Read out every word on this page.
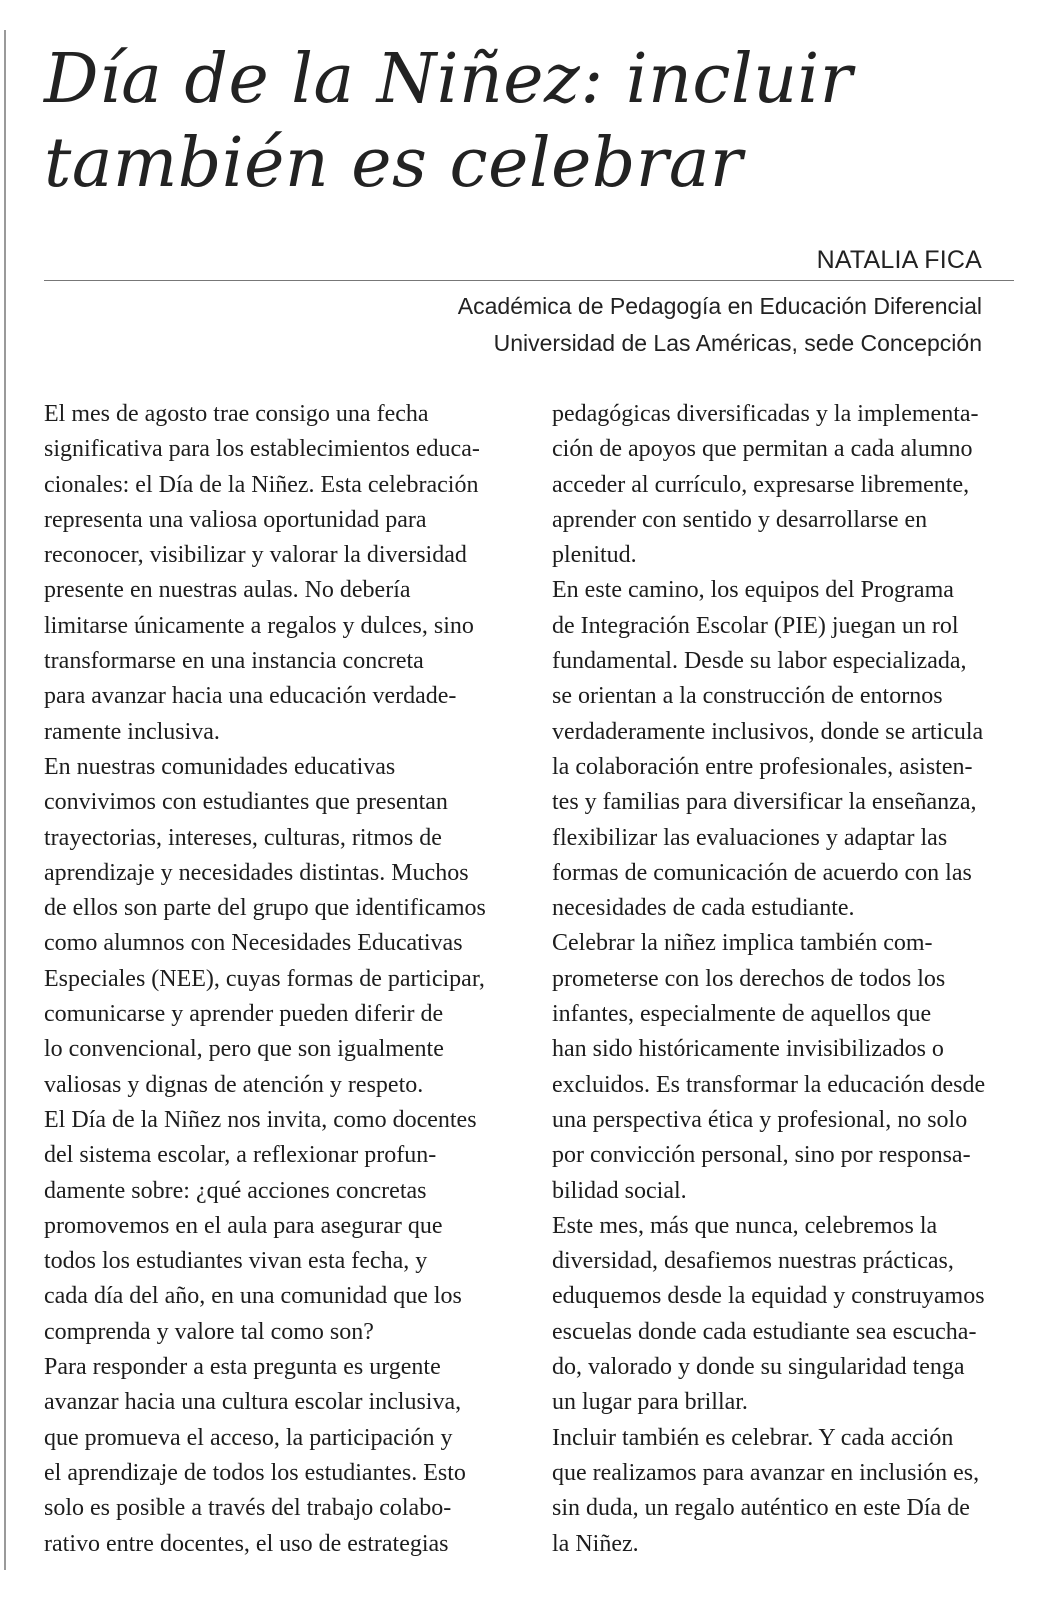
Día de la Niñez: incluir
también es celebrar
NATALIA FICA
Académica de Pedagogía en Educación Diferencial
Universidad de Las Américas, sede Concepción

El mes de agosto trae consigo una fecha

significativa para los establecimientos educa-

cionales: el Día de la Niñez. Esta celebración

representa una valiosa oportunidad para

reconocer, visibilizar y valorar la diversidad

presente en nuestras aulas. No debería

limitarse únicamente a regalos y dulces, sino

transformarse en una instancia concreta

para avanzar hacia una educación verdade-

ramente inclusiva.

En nuestras comunidades educativas

convivimos con estudiantes que presentan

trayectorias, intereses, culturas, ritmos de

aprendizaje y necesidades distintas. Muchos

de ellos son parte del grupo que identificamos

como alumnos con Necesidades Educativas

Especiales (NEE), cuyas formas de participar,

comunicarse y aprender pueden diferir de

lo convencional, pero que son igualmente

valiosas y dignas de atención y respeto.

El Día de la Niñez nos invita, como docentes

del sistema escolar, a reflexionar profun-

damente sobre: ¿qué acciones concretas

promovemos en el aula para asegurar que

todos los estudiantes vivan esta fecha, y

cada día del año, en una comunidad que los

comprenda y valore tal como son?

Para responder a esta pregunta es urgente

avanzar hacia una cultura escolar inclusiva,

que promueva el acceso, la participación y

el aprendizaje de todos los estudiantes. Esto

solo es posible a través del trabajo colabo-

rativo entre docentes, el uso de estrategias

pedagógicas diversificadas y la implementa-

ción de apoyos que permitan a cada alumno

acceder al currículo, expresarse libremente,

aprender con sentido y desarrollarse en

plenitud.

En este camino, los equipos del Programa

de Integración Escolar (PIE) juegan un rol

fundamental. Desde su labor especializada,

se orientan a la construcción de entornos

verdaderamente inclusivos, donde se articula

la colaboración entre profesionales, asisten-

tes y familias para diversificar la enseñanza,

flexibilizar las evaluaciones y adaptar las

formas de comunicación de acuerdo con las

necesidades de cada estudiante.

Celebrar la niñez implica también com-

prometerse con los derechos de todos los

infantes, especialmente de aquellos que

han sido históricamente invisibilizados o

excluidos. Es transformar la educación desde

una perspectiva ética y profesional, no solo

por convicción personal, sino por responsa-

bilidad social.

Este mes, más que nunca, celebremos la

diversidad, desafiemos nuestras prácticas,

eduquemos desde la equidad y construyamos

escuelas donde cada estudiante sea escucha-

do, valorado y donde su singularidad tenga

un lugar para brillar.

Incluir también es celebrar. Y cada acción

que realizamos para avanzar en inclusión es,

sin duda, un regalo auténtico en este Día de

la Niñez.
